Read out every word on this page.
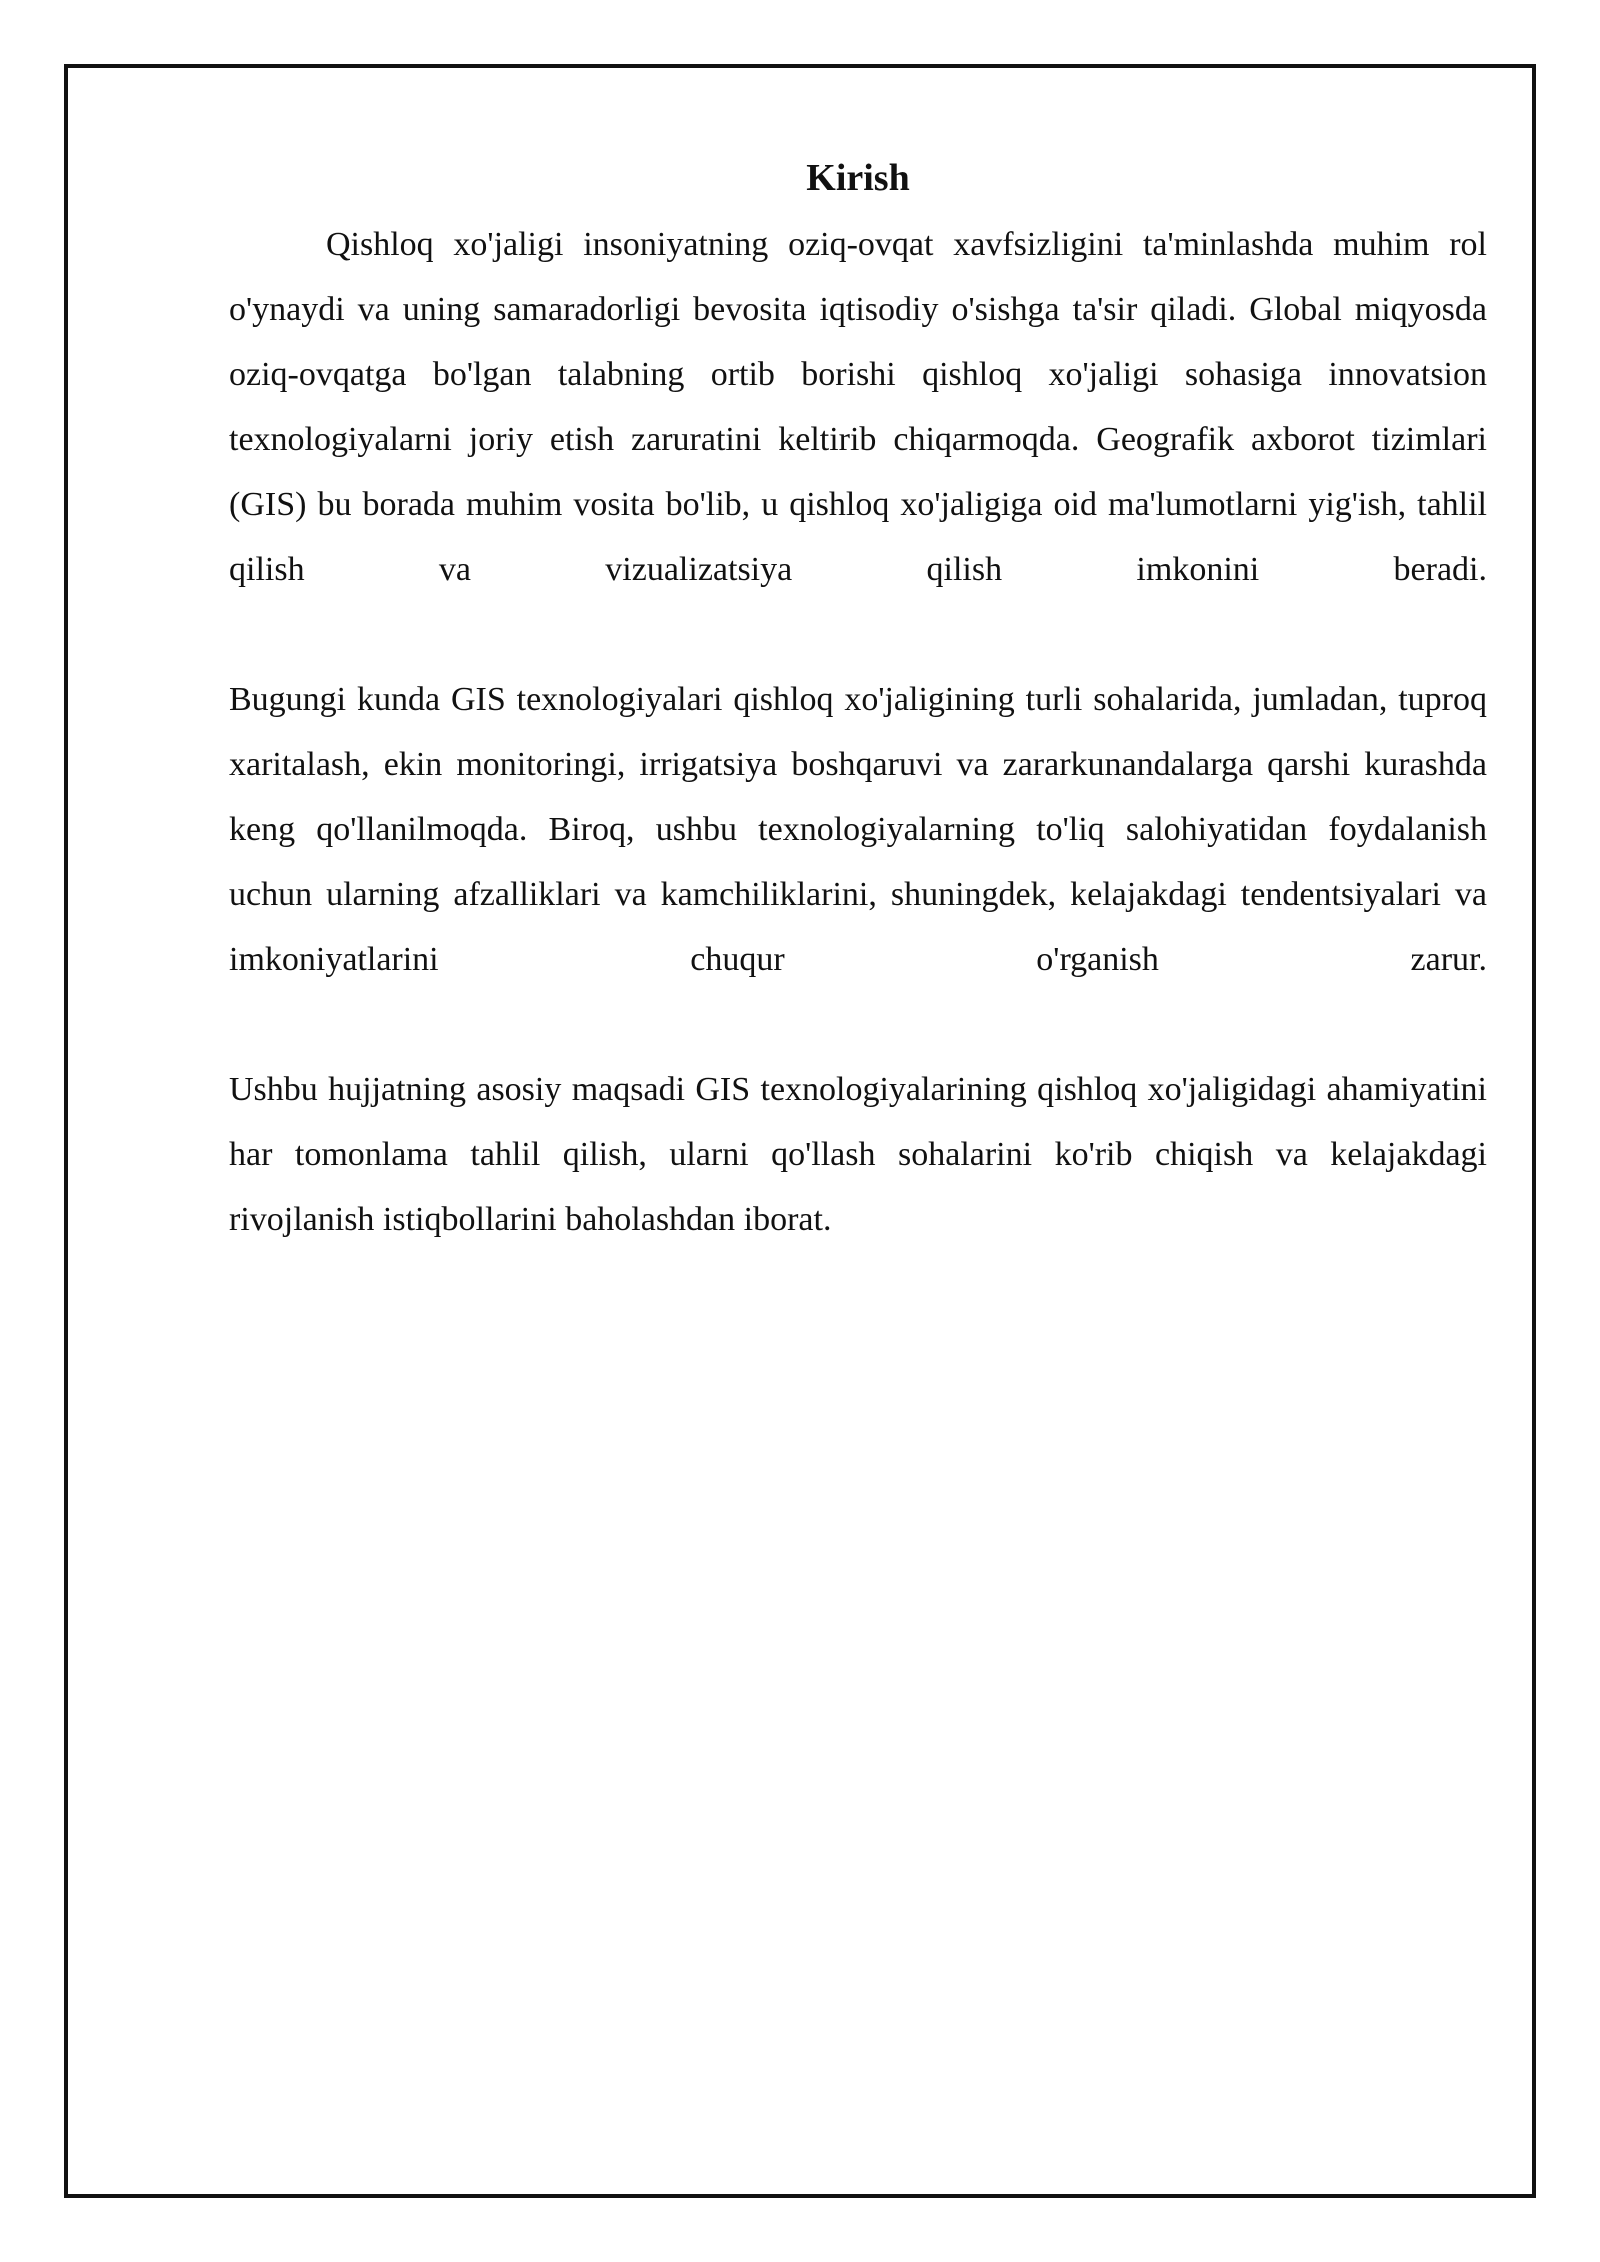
Kirish

Qishloq xo'jaligi insoniyatning oziq-ovqat xavfsizligini ta'minlashda muhim rol o'ynaydi va uning samaradorligi bevosita iqtisodiy o'sishga ta'sir qiladi. Global miqyosda oziq-ovqatga bo'lgan talabning ortib borishi qishloq xo'jaligi sohasiga innovatsion texnologiyalarni joriy etish zaruratini keltirib chiqarmoqda. Geografik axborot tizimlari (GIS) bu borada muhim vosita bo'lib, u qishloq xo'jaligiga oid ma'lumotlarni yig'ish, tahlil qilish va vizualizatsiya qilish imkonini beradi.

Bugungi kunda GIS texnologiyalari qishloq xo'jaligining turli sohalarida, jumladan, tuproq xaritalash, ekin monitoringi, irrigatsiya boshqaruvi va zararkunandalarga qarshi kurashda keng qo'llanilmoqda. Biroq, ushbu texnologiyalarning to'liq salohiyatidan foydalanish uchun ularning afzalliklari va kamchiliklarini, shuningdek, kelajakdagi tendentsiyalari va imkoniyatlarini chuqur o'rganish zarur.

Ushbu hujjatning asosiy maqsadi GIS texnologiyalarining qishloq xo'jaligidagi ahamiyatini har tomonlama tahlil qilish, ularni qo'llash sohalarini ko'rib chiqish va kelajakdagi rivojlanish istiqbollarini baholashdan iborat.
